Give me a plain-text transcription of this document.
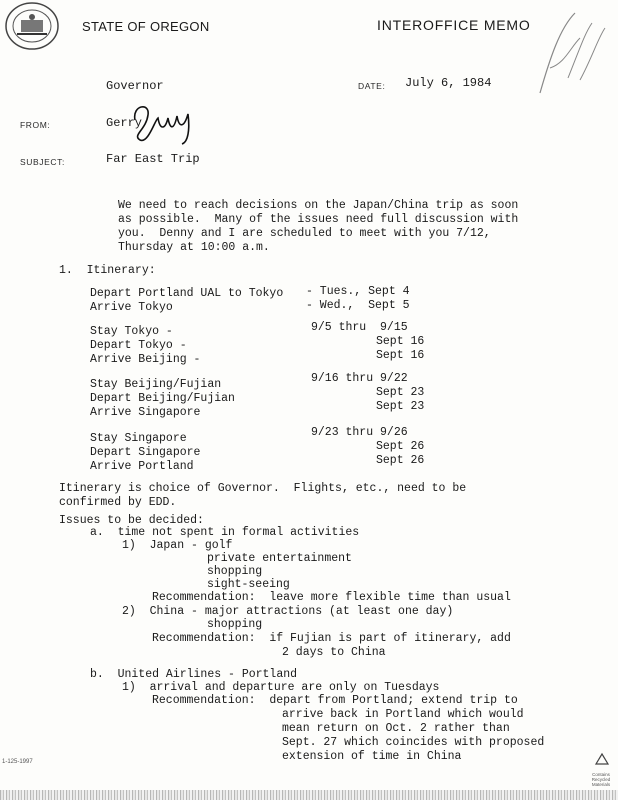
STATE OF OREGON	INTEROFFICE MEMO
Governor	DATE: July 6, 1984
FROM:	Gerry
SUBJECT:	Far East Trip
We need to reach decisions on the Japan/China trip as soon
as possible.  Many of the issues need full discussion with
you.  Denny and I are scheduled to meet with you 7/12,
Thursday at 10:00 a.m.
1.  Itinerary:
Depart Portland UAL to Tokyo - Tues., Sept 4
Arrive Tokyo	- Wed.,  Sept 5
Stay Tokyo -	9/5 thru  9/15
Depart Tokyo -	Sept 16
Arrive Beijing -	Sept 16
Stay Beijing/Fujian	9/16 thru 9/22
Depart Beijing/Fujian	Sept 23
Arrive Singapore	Sept 23
Stay Singapore	9/23 thru 9/26
Depart Singapore	Sept 26
Arrive Portland	Sept 26
Itinerary is choice of Governor.  Flights, etc., need to be
confirmed by EDD.
Issues to be decided:
a.  time not spent in formal activities
1)  Japan - golf
private entertainment
shopping
sight-seeing
Recommendation:  leave more flexible time than usual
2)  China - major attractions (at least one day)
shopping
Recommendation:  if Fujian is part of itinerary, add
2 days to China
b.  United Airlines - Portland
1)  arrival and departure are only on Tuesdays
Recommendation:  depart from Portland; extend trip to
arrive back in Portland which would
mean return on Oct. 2 rather than
Sept. 27 which coincides with proposed
extension of time in China
1-125-1997
Contains Recycled Materials
